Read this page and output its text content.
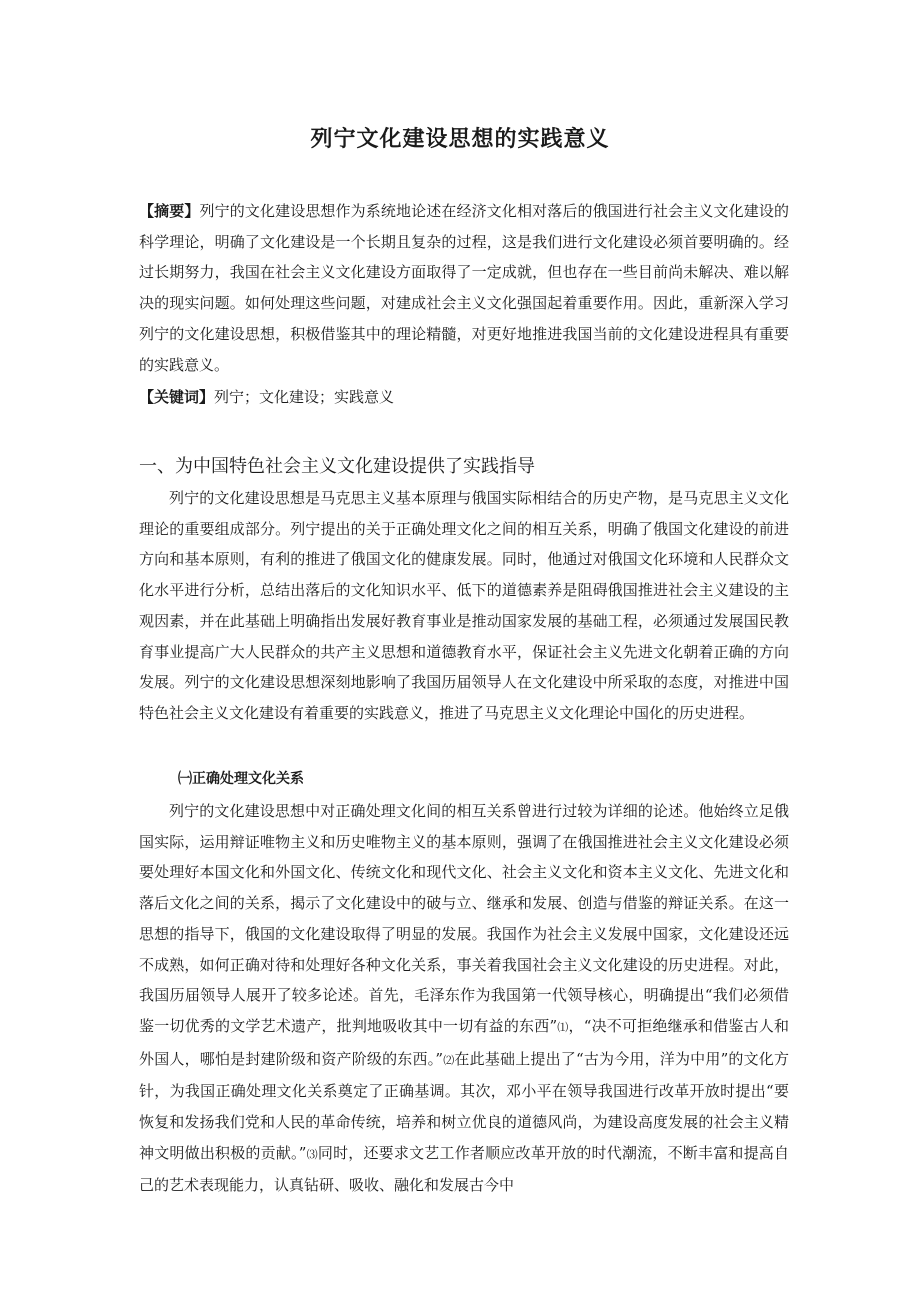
列宁文化建设思想的实践意义
【摘要】列宁的文化建设思想作为系统地论述在经济文化相对落后的俄国进行社会主义文化建设的科学理论，明确了文化建设是一个长期且复杂的过程，这是我们进行文化建设必须首要明确的。经过长期努力，我国在社会主义文化建设方面取得了一定成就，但也存在一些目前尚未解决、难以解决的现实问题。如何处理这些问题，对建成社会主义文化强国起着重要作用。因此，重新深入学习列宁的文化建设思想，积极借鉴其中的理论精髓，对更好地推进我国当前的文化建设进程具有重要的实践意义。
【关键词】列宁；文化建设；实践意义
一、为中国特色社会主义文化建设提供了实践指导
列宁的文化建设思想是马克思主义基本原理与俄国实际相结合的历史产物，是马克思主义文化理论的重要组成部分。列宁提出的关于正确处理文化之间的相互关系，明确了俄国文化建设的前进方向和基本原则，有利的推进了俄国文化的健康发展。同时，他通过对俄国文化环境和人民群众文化水平进行分析，总结出落后的文化知识水平、低下的道德素养是阻碍俄国推进社会主义建设的主观因素，并在此基础上明确指出发展好教育事业是推动国家发展的基础工程，必须通过发展国民教育事业提高广大人民群众的共产主义思想和道德教育水平，保证社会主义先进文化朝着正确的方向发展。列宁的文化建设思想深刻地影响了我国历届领导人在文化建设中所采取的态度，对推进中国特色社会主义文化建设有着重要的实践意义，推进了马克思主义文化理论中国化的历史进程。
㈠正确处理文化关系
列宁的文化建设思想中对正确处理文化间的相互关系曾进行过较为详细的论述。他始终立足俄国实际，运用辩证唯物主义和历史唯物主义的基本原则，强调了在俄国推进社会主义文化建设必须要处理好本国文化和外国文化、传统文化和现代文化、社会主义文化和资本主义文化、先进文化和落后文化之间的关系，揭示了文化建设中的破与立、继承和发展、创造与借鉴的辩证关系。在这一思想的指导下，俄国的文化建设取得了明显的发展。我国作为社会主义发展中国家，文化建设还远不成熟，如何正确对待和处理好各种文化关系，事关着我国社会主义文化建设的历史进程。对此，我国历届领导人展开了较多论述。首先，毛泽东作为我国第一代领导核心，明确提出“我们必须借鉴一切优秀的文学艺术遗产，批判地吸收其中一切有益的东西”⑴，“决不可拒绝继承和借鉴古人和外国人，哪怕是封建阶级和资产阶级的东西。”⑵在此基础上提出了“古为今用，洋为中用”的文化方针，为我国正确处理文化关系奠定了正确基调。其次，邓小平在领导我国进行改革开放时提出“要恢复和发扬我们党和人民的革命传统，培养和树立优良的道德风尚，为建设高度发展的社会主义精神文明做出积极的贡献。”⑶同时，还要求文艺工作者顺应改革开放的时代潮流，不断丰富和提高自己的艺术表现能力，认真钻研、吸收、融化和发展古今中
